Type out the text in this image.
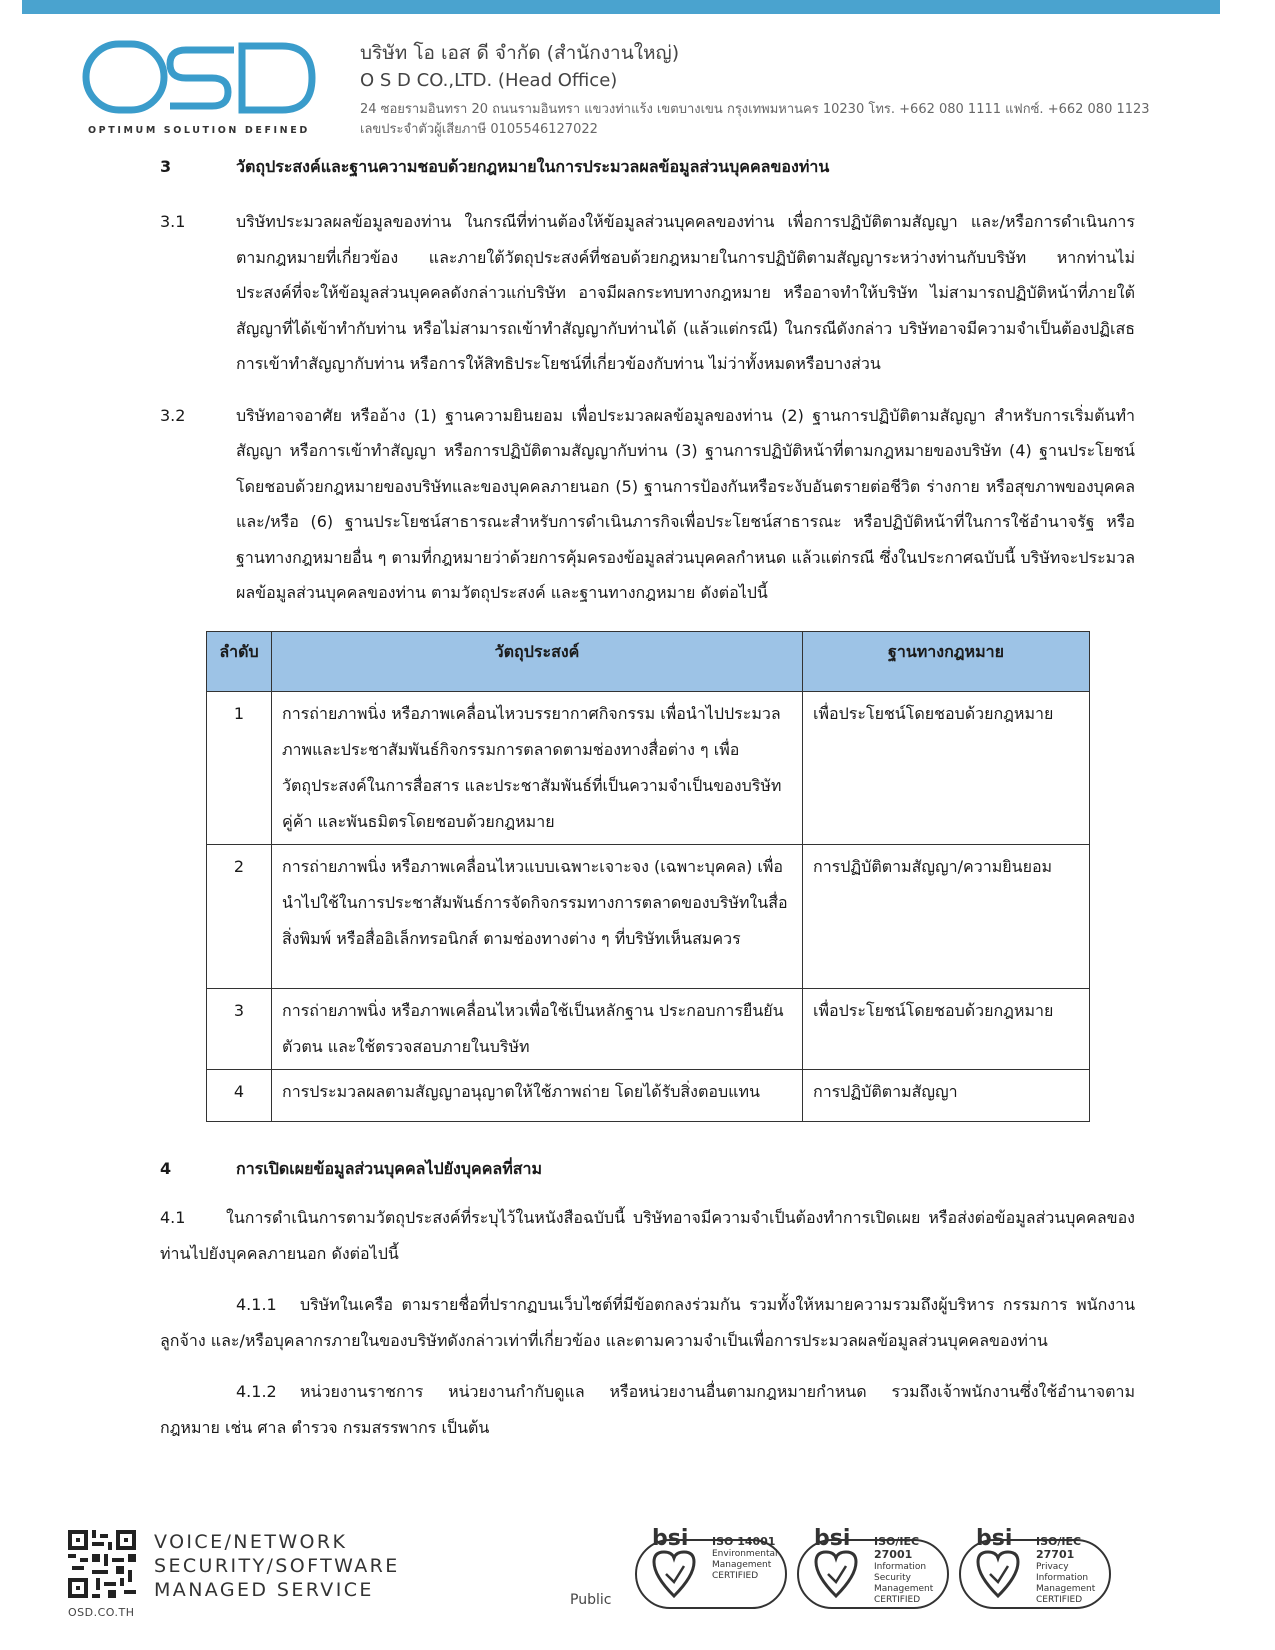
OPTIMUM SOLUTION DEFINED
บริษัท โอ เอส ดี จำกัด (สำนักงานใหญ่)
O S D CO.,LTD. (Head Office)
24 ซอยรามอินทรา 20 ถนนรามอินทรา แขวงท่าแร้ง เขตบางเขน กรุงเทพมหานคร 10230 โทร. +662 080 1111 แฟกซ์. +662 080 1123
เลขประจำตัวผู้เสียภาษี 0105546127022
3	วัตถุประสงค์และฐานความชอบด้วยกฎหมายในการประมวลผลข้อมูลส่วนบุคคลของท่าน
3.1	บริษัทประมวลผลข้อมูลของท่าน ในกรณีที่ท่านต้องให้ข้อมูลส่วนบุคคลของท่าน เพื่อการปฏิบัติตามสัญญา และ/หรือการดำเนินการตามกฎหมายที่เกี่ยวข้อง และภายใต้วัตถุประสงค์ที่ชอบด้วยกฎหมายในการปฏิบัติตามสัญญาระหว่างท่านกับบริษัท หากท่านไม่ประสงค์ที่จะให้ข้อมูลส่วนบุคคลดังกล่าวแก่บริษัท อาจมีผลกระทบทางกฎหมาย หรืออาจทำให้บริษัท ไม่สามารถปฏิบัติหน้าที่ภายใต้สัญญาที่ได้เข้าทำกับท่าน หรือไม่สามารถเข้าทำสัญญากับท่านได้ (แล้วแต่กรณี) ในกรณีดังกล่าว บริษัทอาจมีความจำเป็นต้องปฏิเสธการเข้าทำสัญญากับท่าน หรือการให้สิทธิประโยชน์ที่เกี่ยวข้องกับท่าน ไม่ว่าทั้งหมดหรือบางส่วน
3.2	บริษัทอาจอาศัย หรืออ้าง (1) ฐานความยินยอม เพื่อประมวลผลข้อมูลของท่าน (2) ฐานการปฏิบัติตามสัญญา สำหรับการเริ่มต้นทำสัญญา หรือการเข้าทำสัญญา หรือการปฏิบัติตามสัญญากับท่าน (3) ฐานการปฏิบัติหน้าที่ตามกฎหมายของบริษัท (4) ฐานประโยชน์โดยชอบด้วยกฎหมายของบริษัทและของบุคคลภายนอก (5) ฐานการป้องกันหรือระงับอันตรายต่อชีวิต ร่างกาย หรือสุขภาพของบุคคล และ/หรือ (6) ฐานประโยชน์สาธารณะสำหรับการดำเนินภารกิจเพื่อประโยชน์สาธารณะ หรือปฏิบัติหน้าที่ในการใช้อำนาจรัฐ หรือฐานทางกฎหมายอื่น ๆ ตามที่กฎหมายว่าด้วยการคุ้มครองข้อมูลส่วนบุคคลกำหนด แล้วแต่กรณี ซึ่งในประกาศฉบับนี้ บริษัทจะประมวลผลข้อมูลส่วนบุคคลของท่าน ตามวัตถุประสงค์ และฐานทางกฎหมาย ดังต่อไปนี้
ลำดับ	วัตถุประสงค์	ฐานทางกฎหมาย
1	การถ่ายภาพนิ่ง หรือภาพเคลื่อนไหวบรรยากาศกิจกรรม เพื่อนำไปประมวลภาพและประชาสัมพันธ์กิจกรรมการตลาดตามช่องทางสื่อต่าง ๆ เพื่อวัตถุประสงค์ในการสื่อสาร และประชาสัมพันธ์ที่เป็นความจำเป็นของบริษัท คู่ค้า และพันธมิตรโดยชอบด้วยกฎหมาย	เพื่อประโยชน์โดยชอบด้วยกฎหมาย
2	การถ่ายภาพนิ่ง หรือภาพเคลื่อนไหวแบบเฉพาะเจาะจง (เฉพาะบุคคล) เพื่อนำไปใช้ในการประชาสัมพันธ์การจัดกิจกรรมทางการตลาดของบริษัทในสื่อสิ่งพิมพ์ หรือสื่ออิเล็กทรอนิกส์ ตามช่องทางต่าง ๆ ที่บริษัทเห็นสมควร	การปฏิบัติตามสัญญา/ความยินยอม
3	การถ่ายภาพนิ่ง หรือภาพเคลื่อนไหวเพื่อใช้เป็นหลักฐาน ประกอบการยืนยันตัวตน และใช้ตรวจสอบภายในบริษัท	เพื่อประโยชน์โดยชอบด้วยกฎหมาย
4	การประมวลผลตามสัญญาอนุญาตให้ใช้ภาพถ่าย โดยได้รับสิ่งตอบแทน	การปฏิบัติตามสัญญา
4	การเปิดเผยข้อมูลส่วนบุคคลไปยังบุคคลที่สาม
4.1	ในการดำเนินการตามวัตถุประสงค์ที่ระบุไว้ในหนังสือฉบับนี้ บริษัทอาจมีความจำเป็นต้องทำการเปิดเผย หรือส่งต่อข้อมูลส่วนบุคคลของท่านไปยังบุคคลภายนอก ดังต่อไปนี้
4.1.1 บริษัทในเครือ ตามรายชื่อที่ปรากฏบนเว็บไซต์ที่มีข้อตกลงร่วมกัน รวมทั้งให้หมายความรวมถึงผู้บริหาร กรรมการ พนักงานลูกจ้าง และ/หรือบุคลากรภายในของบริษัทดังกล่าวเท่าที่เกี่ยวข้อง และตามความจำเป็นเพื่อการประมวลผลข้อมูลส่วนบุคคลของท่าน
4.1.2 หน่วยงานราชการ หน่วยงานกำกับดูแล หรือหน่วยงานอื่นตามกฎหมายกำหนด รวมถึงเจ้าพนักงานซึ่งใช้อำนาจตามกฎหมาย เช่น ศาล ตำรวจ กรมสรรพากร เป็นต้น
OSD.CO.TH
VOICE/NETWORK
SECURITY/SOFTWARE
MANAGED SERVICE	Public
bsi ISO 14001
Environmental Management
CERTIFIED
bsi ISO/IEC 27001
Information Security Management
CERTIFIED
bsi ISO/IEC 27701
Privacy Information Management
CERTIFIED
